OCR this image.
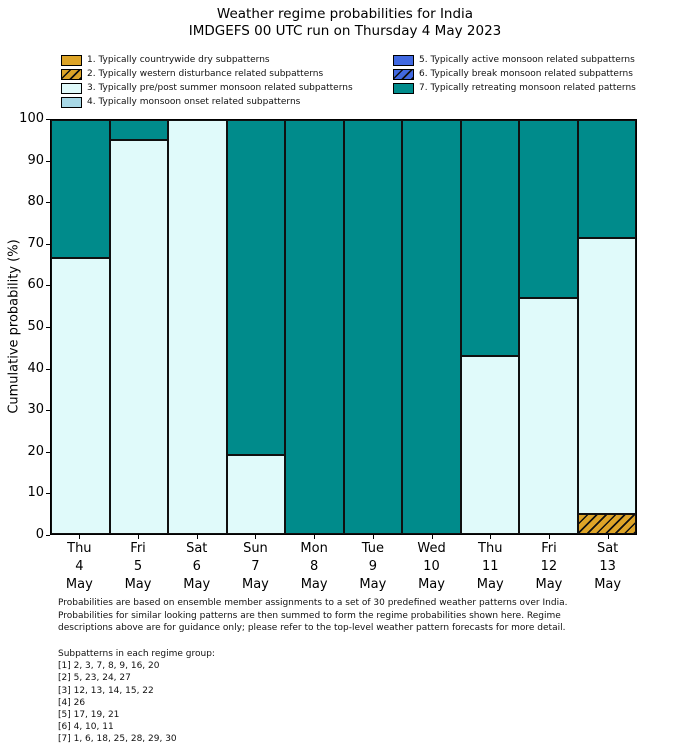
Weather regime probabilities for India
IMDGEFS 00 UTC run on Thursday 4 May 2023
1. Typically countrywide dry subpatterns
2. Typically western disturbance related subpatterns
3. Typically pre/post summer monsoon related subpatterns
4. Typically monsoon onset related subpatterns
5. Typically active monsoon related subpatterns
6. Typically break monsoon related subpatterns
7. Typically retreating monsoon related patterns
Cumulative probability (%)
0
10
20
30
40
50
60
70
80
90
100
Thu
4
May
Fri
5
May
Sat
6
May
Sun
7
May
Mon
8
May
Tue
9
May
Wed
10
May
Thu
11
May
Fri
12
May
Sat
13
May
Probabilities are based on ensemble member assignments to a set of 30 predefined weather patterns over India.
Probabilities for similar looking patterns are then summed to form the regime probabilities shown here. Regime
descriptions above are for guidance only; please refer to the top-level weather pattern forecasts for more detail.
Subpatterns in each regime group:
[1] 2, 3, 7, 8, 9, 16, 20
[2] 5, 23, 24, 27
[3] 12, 13, 14, 15, 22
[4] 26
[5] 17, 19, 21
[6] 4, 10, 11
[7] 1, 6, 18, 25, 28, 29, 30
